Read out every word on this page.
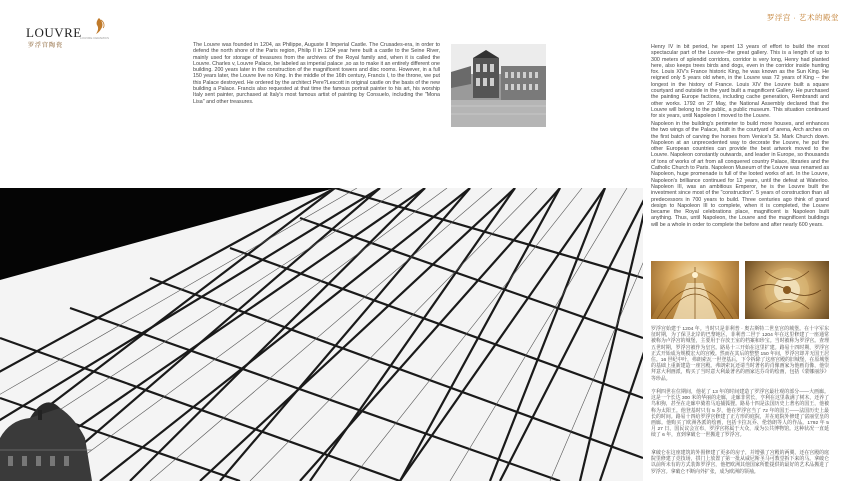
LOUVRE
LOUVRE CERAMICS
罗浮宫陶瓷
罗浮宫 · 艺术的殿堂
The Louvre was founded in 1204, as Philippe, Auguste II Imperial Castle. The Crusades-era, in order to defend the north shore of the Paris region, Philip II in 1204 year here built a castle to the Seine River, mainly used for storage of treasures from the archives of the Royal family and, when it is called the Louvre. Charles v, Louvre Palace, be labeled as imperial palace ,so as to make it an entirely different one building. 200 years later in the construction of the magnificent towers and disc rooms. However, in a full 150 years later, the Louvre live no King. In the middle of the 16th century, Francis I, to the throne, we put this Palace destroyed. He ordered by the architect Pere?Lescott in original castle on the basis of the new building a Palace. Francis also requested at that time the famous portrait painter to his art, his worship Italy sent painter, purchased at Italy's most famous artist of painting by Consuelo, including the "Mona Lisa" and other treasures.
Henry IV in bit period, he spent 13 years of effort to build the most spectacular part of the Louvre--the great gallery. This is a length of up to 300 meters of splendid corridors, corridor is very long, Henry had planted here, also keeps trees birds and dogs, even in the corridor inside hunting fox. Louis XIV's France historic King, he was known as the Sun King. He reigned only 5 years old when, in the Louvre was 72 years of King -- the longest in the history of France. Louis XIV the Louvre built a square courtyard and outside in the yard built a magnificent Gallery. He purchased the painting Europe factions, including cache generation, Rembrandt and other works. 1792 on 27 May, the National Assembly declared that the Louvre will belong to the public, a public museum. This situation continued for six years, until Napoleon I moved to the Louvre.
Napoleon in the building's perimeter to build more houses, and enhances the two wings of the Palace, built in the courtyard of arena, Arch arches on the first batch of carving the horses from Venice's St. Mark Church down. Napoleon at an unprecedented way to decorate the Louvre, he put the other European countries can provide the best artwork moved to the Louvre. Napoleon constantly outwards, and leader in Europe, so thousands of tons of works of art from all conquered country Palace, libraries and the Catholic Church to Paris. Napoleon Museum of the Louvre was renamed as Napoleon, huge promenade is full of the looted works of art. In the Louvre, Napoleon's brilliance continued for 12 years, until the defeat at Waterloo. Napoleon III, was an ambitious Emperor, he is the Louvre built the investment since most of the "construction". 5 years of construction than all predecessors in 700 years to build. Three centuries ago think of grand design to Napoleon III to complete, when it is completed, the Louvre became the Royal celebrations place, magnificent is Napoleon built anything. Thus, until Napoleon, the Louvre and the magnificent buildings will be a whole in order to complete the before and after nearly 600 years.
罗浮宫始建于 1204 年。当时只是菲利普 · 奥古斯特二世皇宫的城堡。在十字军东征时期，为了保卫北岸的巴黎地区，菲利普二世于 1204 年在这里修建了一座通常被称为卢浮宫的城堡，主要用于存放王室的档案和珍宝。当时被称为罗浮宫。查理五世时期，罗浮宫被作为皇宫。路易十三开始在这里扩建。路易十四时期，罗浮宫正式开始成为规模宏大的宫殿。然而在其后的整整 150 年间，罗浮宫却并无国王居住。16 世纪中叶，弗朗索瓦一世登基后，下令拆除了这座宫殿的旧城堡，在原城堡的基础上重新建造一座宫殿。弗朗索瓦还请当时著名的肖像画家为他画肖像，他崇拜意大利画派，购买了当时意大利最著名的画家达芬奇的绘画，包括《蒙娜丽莎》等珍品。
亨利四世在位期间，他花了 13 年的时间建造了罗浮宫最壮观的部分——大画廊。这是一个长达 300 米的华丽的走廊，走廊非常长，亨利在这里栽满了树木，还养了鸟和狗，甚至在走廊中骑着马追捕狐狸。路易十四是法国历史上著名的国王，他被称为太阳王。他登基时只有 5 岁，他在罗浮宫当了 72 年的国王——法国历史上最长的时间。路易十四给罗浮宫修建了正方形的庭院，并在庭院外修建了富丽堂皇的画廊。他购买了欧洲各派的绘画，包括卡拉瓦乔、伦勃朗等人的作品。1792 年 5 月 27 日，国民议会宣布，罗浮宫将属于大众，成为公共博物馆。这种状况一直延续了 6 年，直到拿破仑一世搬进了罗浮宫。
拿破仑在这座建筑的外围修建了更多的房子，并增强了宫殿的两翼，还在宫殿的庭院里修建了竞技场，拱门上放置了第一批从威尼斯圣马可教堂拆下来的马。拿破仑以前所未有的方式装饰罗浮宫，他把欧洲其他国家所能提供的最好的艺术品搬进了罗浮宫。拿破仑不断向外扩张，成为欧洲的领袖。
